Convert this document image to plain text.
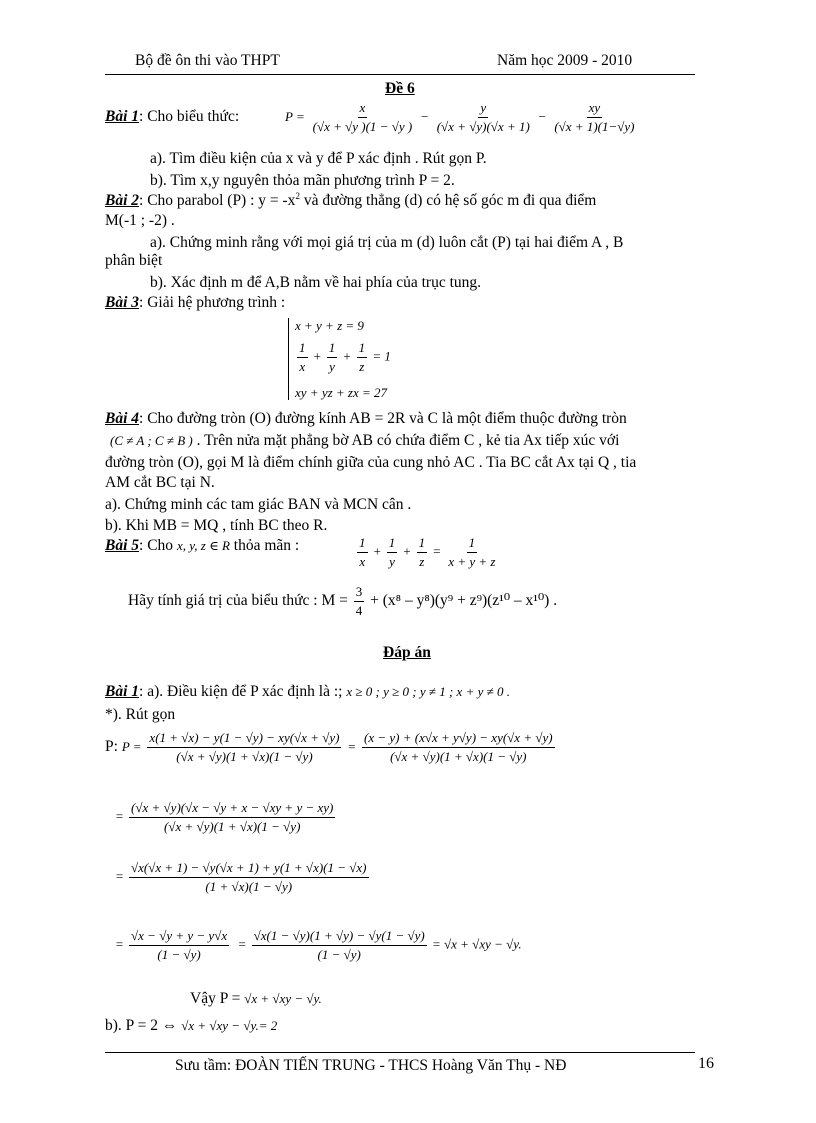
Bộ đề ôn thi vào THPT	Năm học 2009 - 2010
Đề 6
Bài 1: Cho biểu thức:	$P = \frac{x}{(√x + √y )(1 - √y )} - \frac{y}{(√x + √y)(√x + 1)} - \frac{xy}{(√x + 1)(1-√y)}$
a). Tìm điều kiện của x và y để P xác định . Rút gọn P.
b). Tìm x,y nguyên thỏa mãn phương trình P = 2.
Bài 2: Cho parabol (P) : $y = -x^2$ và đường thẳng (d) có hệ số góc m đi qua điểm
M(-1 ; -2) .
a). Chứng minh rằng với mọi giá trị của m (d) luôn cắt (P) tại hai điểm A , B
phân biệt
b). Xác định m để A,B nằm về hai phía của trục tung.
Bài 3: Giải hệ phương trình :
x + y + z = 9
$\frac{1}{x} + \frac{1}{y} + \frac{1}{z} = 1$
xy + yz + zx = 27
Bài 4: Cho đường tròn (O) đường kính AB = 2R và C là một điểm thuộc đường tròn
(C ≠ A ; C ≠ B ) . Trên nửa mặt phẳng bờ AB có chứa điểm C , kẻ tia Ax tiếp xúc với
đường tròn (O), gọi M là điểm chính giữa của cung nhỏ AC . Tia BC cắt Ax tại Q , tia
AM cắt BC tại N.
a). Chứng minh các tam giác BAN và MCN cân .
b). Khi MB = MQ , tính BC theo R.
Bài 5: Cho x, y, z ∈ R thỏa mãn :	$\frac{1}{x} + \frac{1}{y} + \frac{1}{z} = \frac{1}{x + y + z}$
Hãy tính giá trị của biểu thức : $M = \frac{3}{4} + (x^8 - y^8)(y^9 + z^9)(z^{10} - x^{10})$ .
Đáp án
Bài 1: a). Điều kiện để P xác định là :; x ≥ 0 ; y ≥ 0 ; y ≠ 1 ; x + y ≠ 0 .
*). Rút gọn
P: $P = \frac{x(1 + √x) - y(1 - √y) - xy(√x + √y)}{(√x + √y)(1 + √x)(1 - √y)} = \frac{(x - y) + (x√x + y√y) - xy(√x + √y)}{(√x + √y)(1 + √x)(1 - √y)}$
= $\frac{(√x + √y)(√x - √y + x - √xy + y - xy)}{(√x + √y)(1 + √x)(1 - √y)}$
= $\frac{√x(√x + 1) - √y(√x + 1) + y(1 + √x)(1 - √x)}{(1 + √x)(1 - √y)}$
= $\frac{√x - √y + y - y√x}{(1 - √y)} = \frac{√x(1 - √y)(1 + √y) - √y(1 - √y)}{(1 - √y)} = √x + √xy - √y$.
Vậy P = √x + √xy − √y.
b). P = 2 ⇔ √x + √xy − √y.= 2
Sưu tầm: ĐOÀN TIẾN TRUNG - THCS Hoàng Văn Thụ - NĐ	16
